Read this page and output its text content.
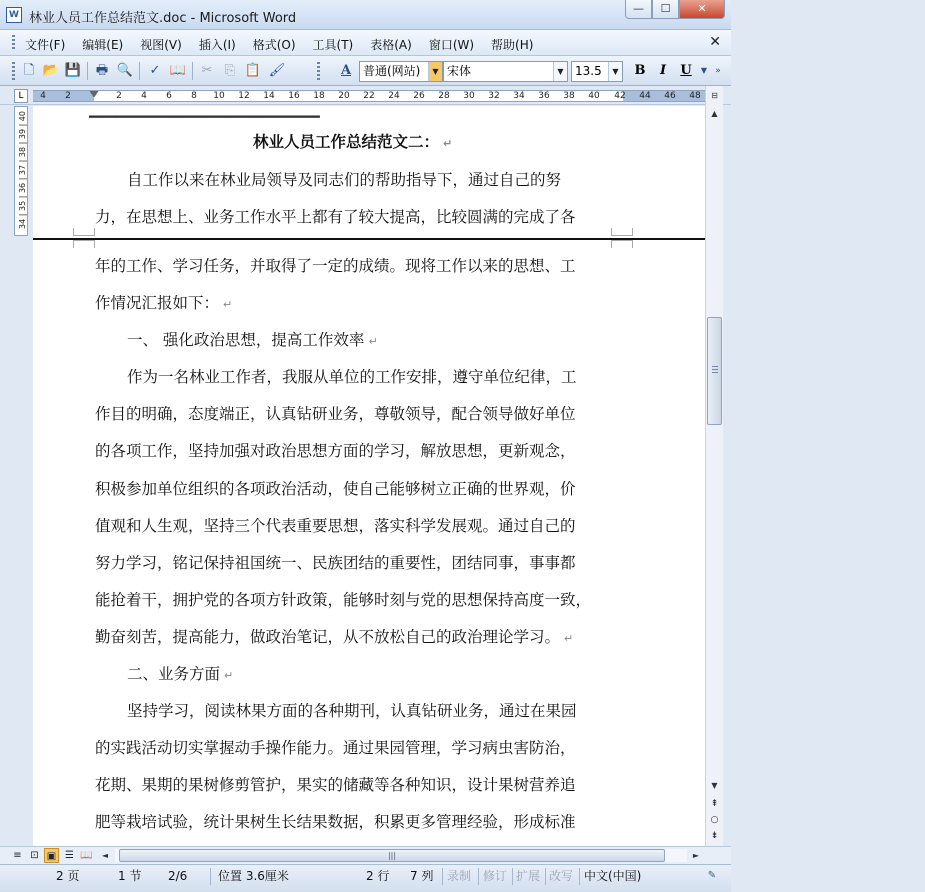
W 林业人员工作总结范文.doc - Microsoft Word
—	☐	✕
文件(F) 编辑(E) 视图(V) 插入(I) 格式(O) 工具(T) 表格(A) 窗口(W) 帮助(H)	✕
🗋 📂 💾 🖶 🔍 ✓ 📖 ✂ ⎘ 📋 🖌	A 普通(网站)	▼ 宋体	▼ 13.5	▼ B	I	U	▼ »
L	4 2	2 4 6 8 10 12 14 16 18 20 22 24 26 28 30 32 34 36 38 40 42 44 46 48
34 | 35 | 36 | 37 | 38 | 39 | 40
▁▁▁▁▁▁▁▁▁▁▁▁▁▁▁▁▁▁▁▁
林业人员工作总结范文二： ↵
自工作以来在林业局领导及同志们的帮助指导下，通过自己的努
力，在思想上、业务工作水平上都有了较大提高，比较圆满的完成了各
年的工作、学习任务，并取得了一定的成绩。现将工作以来的思想、工
作情况汇报如下： ↵
一、 强化政治思想，提高工作效率 ↵
作为一名林业工作者，我服从单位的工作安排，遵守单位纪律，工
作目的明确，态度端正，认真钻研业务，尊敬领导，配合领导做好单位
的各项工作，坚持加强对政治思想方面的学习，解放思想，更新观念，
积极参加单位组织的各项政治活动，使自己能够树立正确的世界观，价
值观和人生观，坚持三个代表重要思想，落实科学发展观。通过自己的
努力学习，铭记保持祖国统一、民族团结的重要性，团结同事，事事都
能抢着干，拥护党的各项方针政策，能够时刻与党的思想保持高度一致，
勤奋刻苦，提高能力，做政治笔记，从不放松自己的政治理论学习。 ↵
二、业务方面 ↵
坚持学习，阅读林果方面的各种期刊，认真钻研业务，通过在果园
的实践活动切实掌握动手操作能力。通过果园管理，学习病虫害防治，
花期、果期的果树修剪管护，果实的储藏等各种知识，设计果树营养追
肥等栽培试验，统计果树生长结果数据，积累更多管理经验，形成标准
⊟
▲
▼
⇞
○
⇟
≡ ⊡ ▣ ☰ 📖	◄	|||	►
2 页	1 节 2/6	位置 3.6厘米	2 行 7 列 录制 修订 扩展 改写 中文(中国)	✎
